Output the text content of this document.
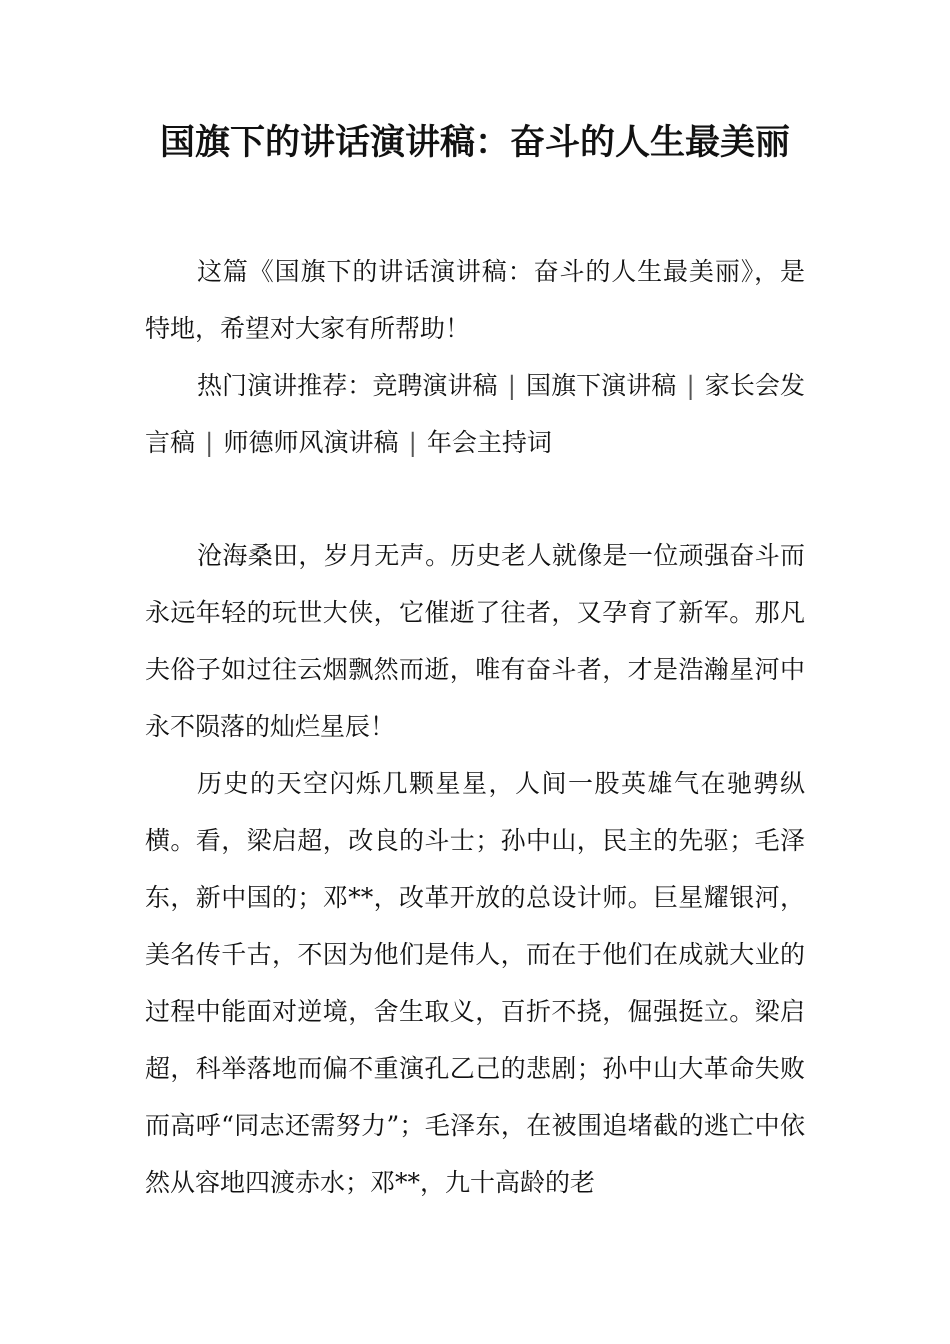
国旗下的讲话演讲稿：奋斗的人生最美丽

这篇《国旗下的讲话演讲稿：奋斗的人生最美丽》，是特地，希望对大家有所帮助！

热门演讲推荐：竞聘演讲稿 | 国旗下演讲稿 | 家长会发言稿 | 师德师风演讲稿 | 年会主持词

沧海桑田，岁月无声。历史老人就像是一位顽强奋斗而永远年轻的玩世大侠，它催逝了往者，又孕育了新军。那凡夫俗子如过往云烟飘然而逝，唯有奋斗者，才是浩瀚星河中永不陨落的灿烂星辰！

历史的天空闪烁几颗星星，人间一股英雄气在驰骋纵横。看，梁启超，改良的斗士；孙中山，民主的先驱；毛泽东，新中国的；邓**，改革开放的总设计师。巨星耀银河，美名传千古，不因为他们是伟人，而在于他们在成就大业的过程中能面对逆境，舍生取义，百折不挠，倔强挺立。梁启超，科举落地而偏不重演孔乙己的悲剧；孙中山大革命失败而高呼“同志还需努力”；毛泽东，在被围追堵截的逃亡中依然从容地四渡赤水；邓**，九十高龄的老
